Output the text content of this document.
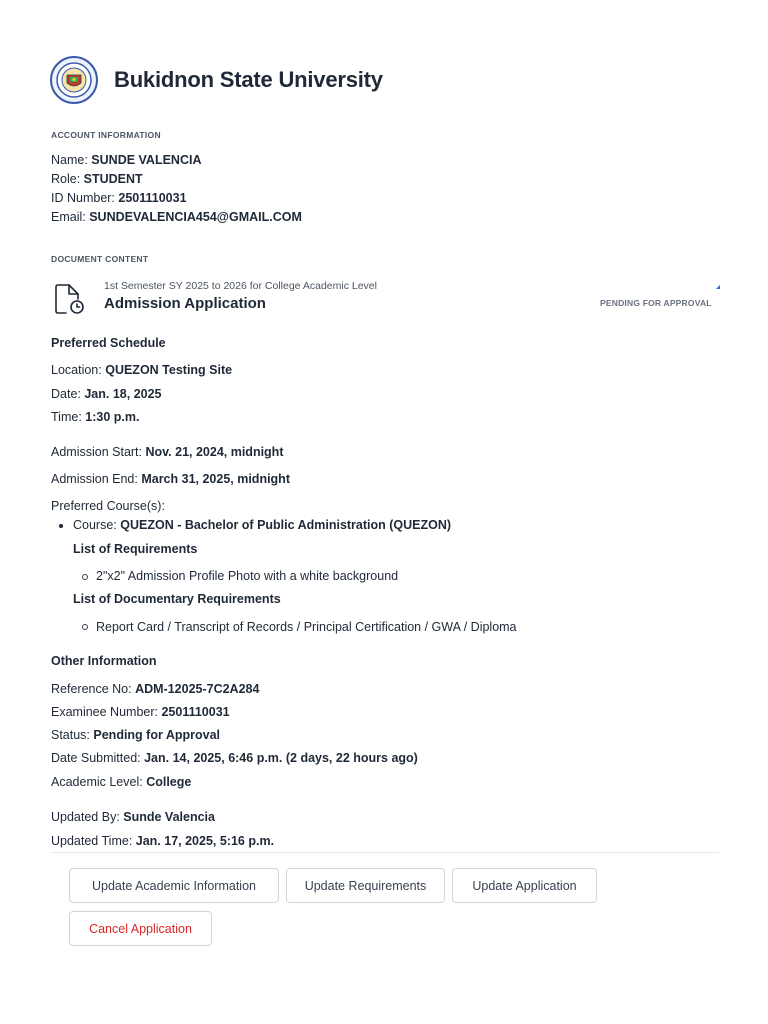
Bukidnon State University
ACCOUNT INFORMATION
Name: SUNDE VALENCIA
Role: STUDENT
ID Number: 2501110031
Email: SUNDEVALENCIA454@GMAIL.COM
DOCUMENT CONTENT
1st Semester SY 2025 to 2026 for College Academic Level
Admission Application	PENDING FOR APPROVAL
Preferred Schedule
Location: QUEZON Testing Site
Date: Jan. 18, 2025
Time: 1:30 p.m.
Admission Start: Nov. 21, 2024, midnight
Admission End: March 31, 2025, midnight
Preferred Course(s):
Course: QUEZON - Bachelor of Public Administration (QUEZON)
List of Requirements
2"x2" Admission Profile Photo with a white background
List of Documentary Requirements
Report Card / Transcript of Records / Principal Certification / GWA / Diploma
Other Information
Reference No: ADM-12025-7C2A284
Examinee Number: 2501110031
Status: Pending for Approval
Date Submitted: Jan. 14, 2025, 6:46 p.m. (2 days, 22 hours ago)
Academic Level: College
Updated By: Sunde Valencia
Updated Time: Jan. 17, 2025, 5:16 p.m.
Update Academic Information	Update Requirements	Update Application
Cancel Application
